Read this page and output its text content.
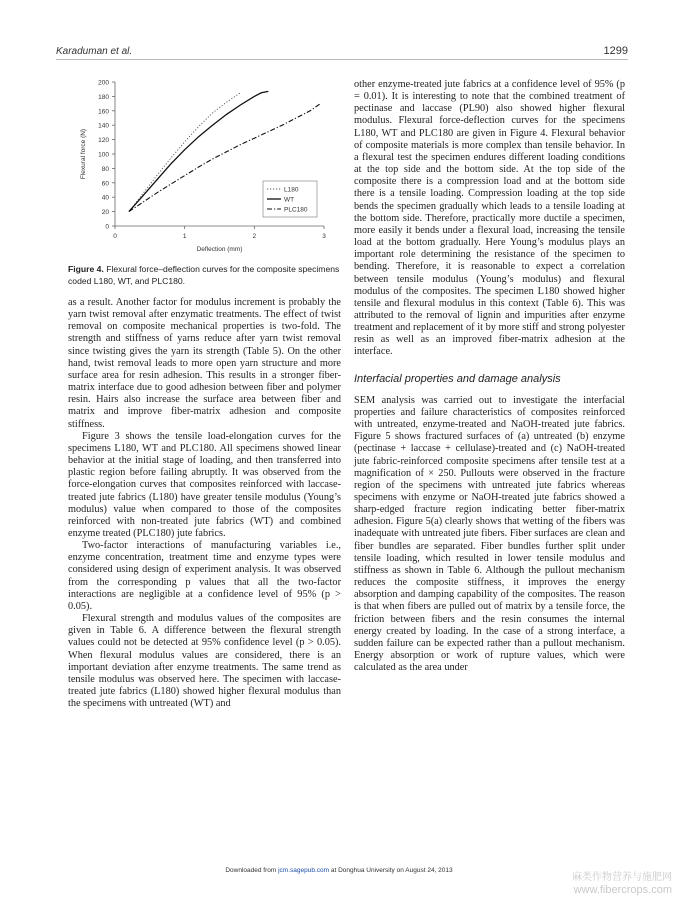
Karaduman et al.	1299
0
20
40
60
80
100
120
140
160
180
200
0	1	2	3
Deflection (mm)
Flexural force (N)
L180
WT
PLC180
Figure 4. Flexural force–deflection curves for the composite specimens coded L180, WT, and PLC180.

as a result. Another factor for modulus increment is probably the yarn twist removal after enzymatic treatments. The effect of twist removal on composite mechanical properties is two-fold. The strength and stiffness of yarns reduce after yarn twist removal since twisting gives the yarn its strength (Table 5). On the other hand, twist removal leads to more open yarn structure and more surface area for resin adhesion. This results in a stronger fiber-matrix interface due to good adhesion between fiber and polymer resin. Hairs also increase the surface area between fiber and matrix and improve fiber-matrix adhesion and composite stiffness.

Figure 3 shows the tensile load-elongation curves for the specimens L180, WT and PLC180. All specimens showed linear behavior at the initial stage of loading, and then transferred into plastic region before failing abruptly. It was observed from the force-elongation curves that composites reinforced with laccase-treated jute fabrics (L180) have greater tensile modulus (Young’s modulus) value when compared to those of the composites reinforced with non-treated jute fabrics (WT) and combined enzyme treated (PLC180) jute fabrics.

Two-factor interactions of manufacturing variables i.e., enzyme concentration, treatment time and enzyme types were considered using design of experiment analysis. It was observed from the corresponding p values that all the two-factor interactions are negligible at a confidence level of 95% (p > 0.05).

Flexural strength and modulus values of the composites are given in Table 6. A difference between the flexural strength values could not be detected at 95% confidence level (p > 0.05). When flexural modulus values are considered, there is an important deviation after enzyme treatments. The same trend as tensile modulus was observed here. The specimen with laccase-treated jute fabrics (L180) showed higher flexural modulus than the specimens with untreated (WT) and

other enzyme-treated jute fabrics at a confidence level of 95% (p = 0.01). It is interesting to note that the combined treatment of pectinase and laccase (PL90) also showed higher flexural modulus. Flexural force-deflection curves for the specimens L180, WT and PLC180 are given in Figure 4. Flexural behavior of composite materials is more complex than tensile behavior. In a flexural test the specimen endures different loading conditions at the top side and the bottom side. At the top side of the composite there is a compression load and at the bottom side there is a tensile loading. Compression loading at the top side bends the specimen gradually which leads to a tensile loading at the bottom side. Therefore, practically more ductile a specimen, more easily it bends under a flexural load, increasing the tensile load at the bottom gradually. Here Young’s modulus plays an important role determining the resistance of the specimen to bending. Therefore, it is reasonable to expect a correlation between tensile modulus (Young’s modulus) and flexural modulus of the composites. The specimen L180 showed higher tensile and flexural modulus in this context (Table 6). This was attributed to the removal of lignin and impurities after enzyme treatment and replacement of it by more stiff and strong polyester resin as well as an improved fiber-matrix adhesion at the interface.

Interfacial properties and damage analysis

SEM analysis was carried out to investigate the interfacial properties and failure characteristics of composites reinforced with untreated, enzyme-treated and NaOH-treated jute fabrics. Figure 5 shows fractured surfaces of (a) untreated (b) enzyme (pectinase + laccase + cellulase)-treated and (c) NaOH-treated jute fabric-reinforced composite specimens after tensile test at a magnification of × 250. Pullouts were observed in the fracture region of the specimens with untreated jute fabrics whereas specimens with enzyme or NaOH-treated jute fabrics showed a sharp-edged fracture region indicating better fiber-matrix adhesion. Figure 5(a) clearly shows that wetting of the fibers was inadequate with untreated jute fibers. Fiber surfaces are clean and fiber bundles are separated. Fiber bundles further split under tensile loading, which resulted in lower tensile modulus and stiffness as shown in Table 6. Although the pullout mechanism reduces the composite stiffness, it improves the energy absorption and damping capability of the composites. The reason is that when fibers are pulled out of matrix by a tensile force, the friction between fibers and the resin consumes the internal energy created by loading. In the case of a strong interface, a sudden failure can be expected rather than a pullout mechanism. Energy absorption or work of rupture values, which were calculated as the area under

Downloaded from jcm.sagepub.com at Donghua University on August 24, 2013
麻类作物营养与施肥网
www.fibercrops.com
